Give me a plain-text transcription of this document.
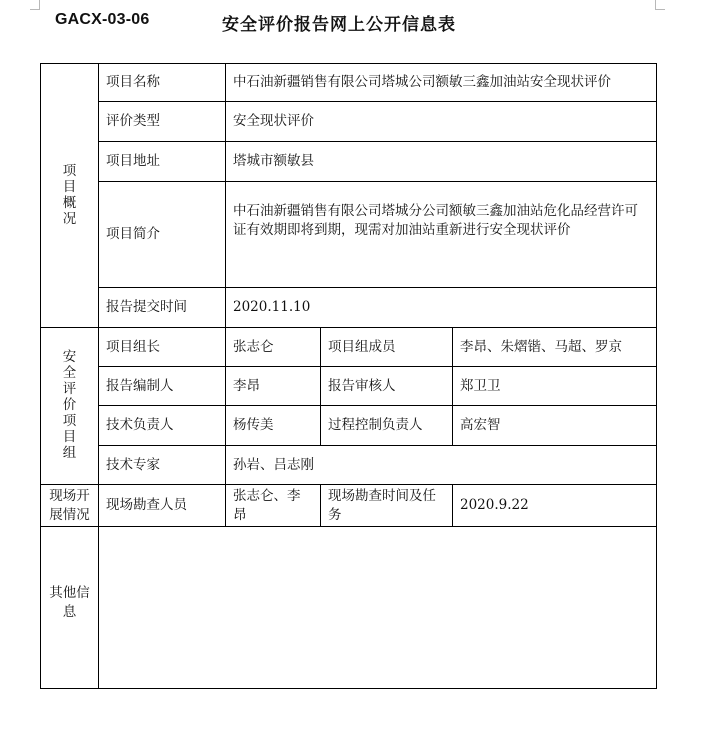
GACX-03-06	安全评价报告网上公开信息表
项目概况	项目名称	中石油新疆销售有限公司塔城公司额敏三鑫加油站安全现状评价		
	评价类型	安全现状评价		
	项目地址	塔城市额敏县		
	项目简介	中石油新疆销售有限公司塔城分公司额敏三鑫加油站危化品经营许可证有效期即将到期，现需对加油站重新进行安全现状评价		
	报告提交时间	2020.11.10		
安全评价项目组	项目组长	张志仑	项目组成员	李昂、朱熠锴、马超、罗京
	报告编制人	李昂	报告审核人	郑卫卫
	技术负责人	杨传美	过程控制负责人	高宏智
	技术专家	孙岩、吕志刚		
现场开展情况	现场勘查人员	张志仑、李昂	现场勘查时间及任务	2020.9.22
其他信息				
